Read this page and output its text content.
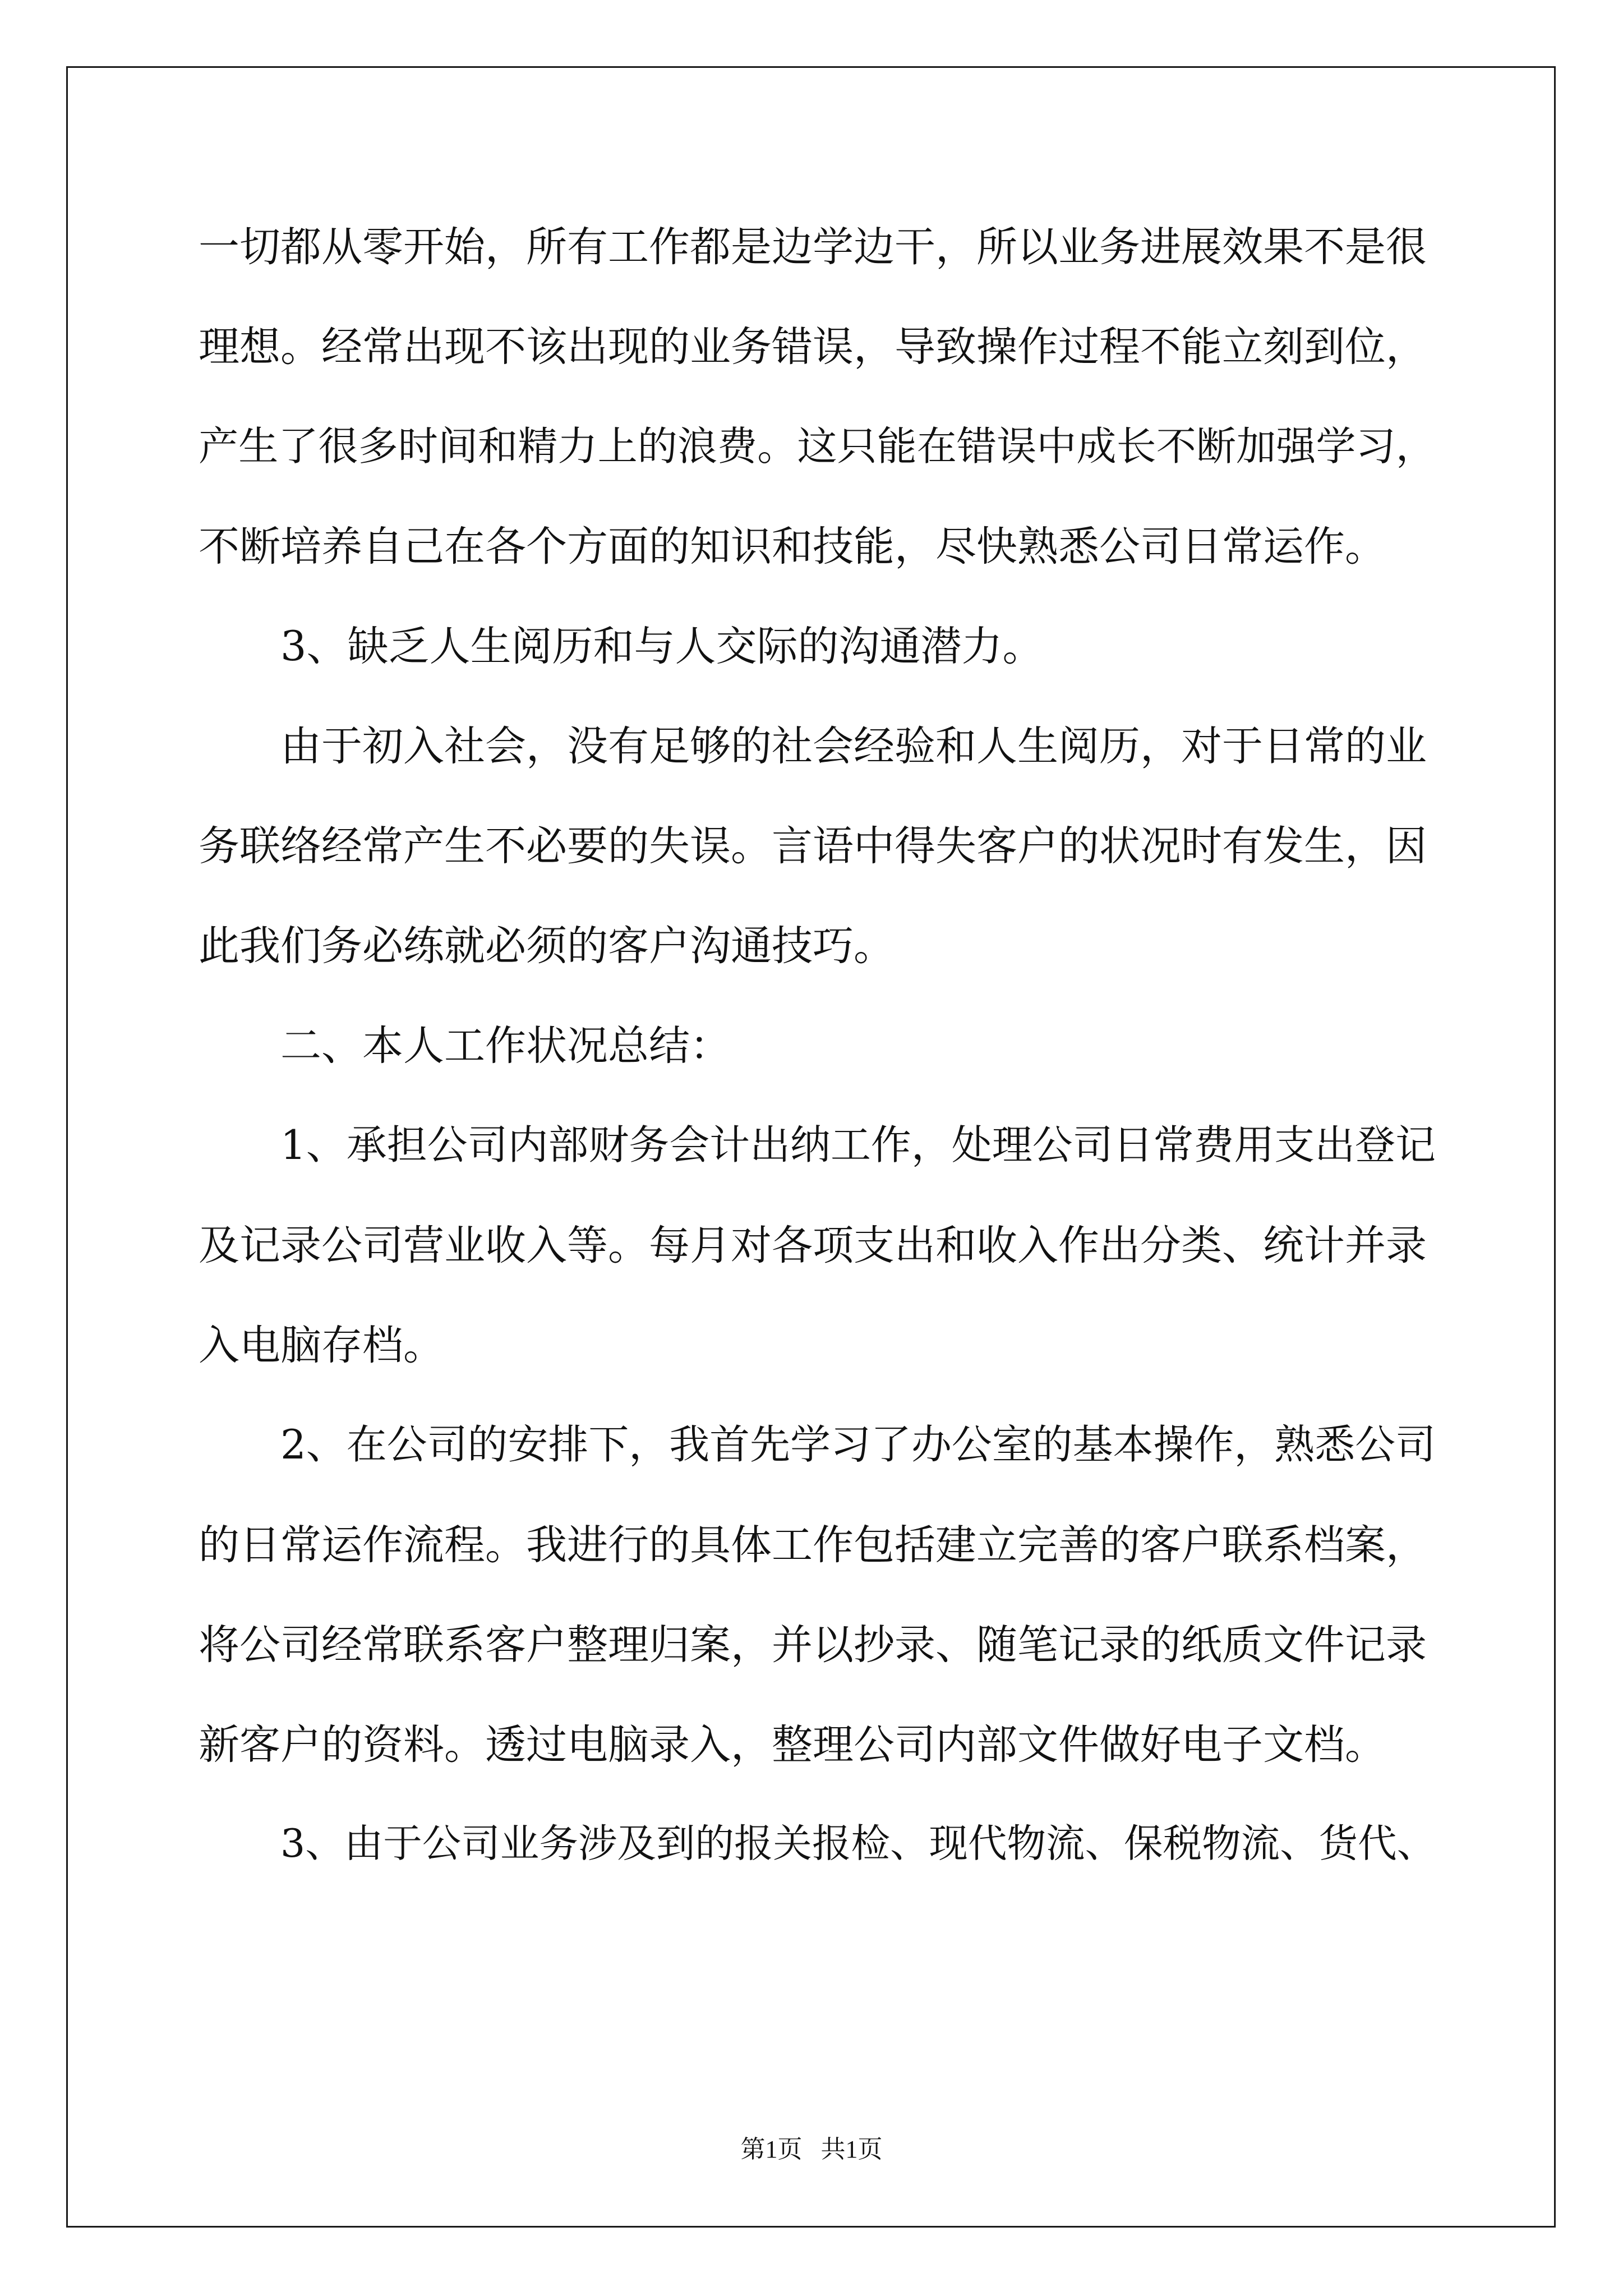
一切都从零开始，所有工作都是边学边干，所以业务进展效果不是很

理想。经常出现不该出现的业务错误，导致操作过程不能立刻到位，

产生了很多时间和精力上的浪费。这只能在错误中成长不断加强学习，

不断培养自己在各个方面的知识和技能，尽快熟悉公司日常运作。

3、缺乏人生阅历和与人交际的沟通潜力。

由于初入社会，没有足够的社会经验和人生阅历，对于日常的业

务联络经常产生不必要的失误。言语中得失客户的状况时有发生，因

此我们务必练就必须的客户沟通技巧。

二、本人工作状况总结：

1、承担公司内部财务会计出纳工作，处理公司日常费用支出登记

及记录公司营业收入等。每月对各项支出和收入作出分类、统计并录

入电脑存档。

2、在公司的安排下，我首先学习了办公室的基本操作，熟悉公司

的日常运作流程。我进行的具体工作包括建立完善的客户联系档案，

将公司经常联系客户整理归案，并以抄录、随笔记录的纸质文件记录

新客户的资料。透过电脑录入，整理公司内部文件做好电子文档。

3、由于公司业务涉及到的报关报检、现代物流、保税物流、货代、

第1页   共1页
